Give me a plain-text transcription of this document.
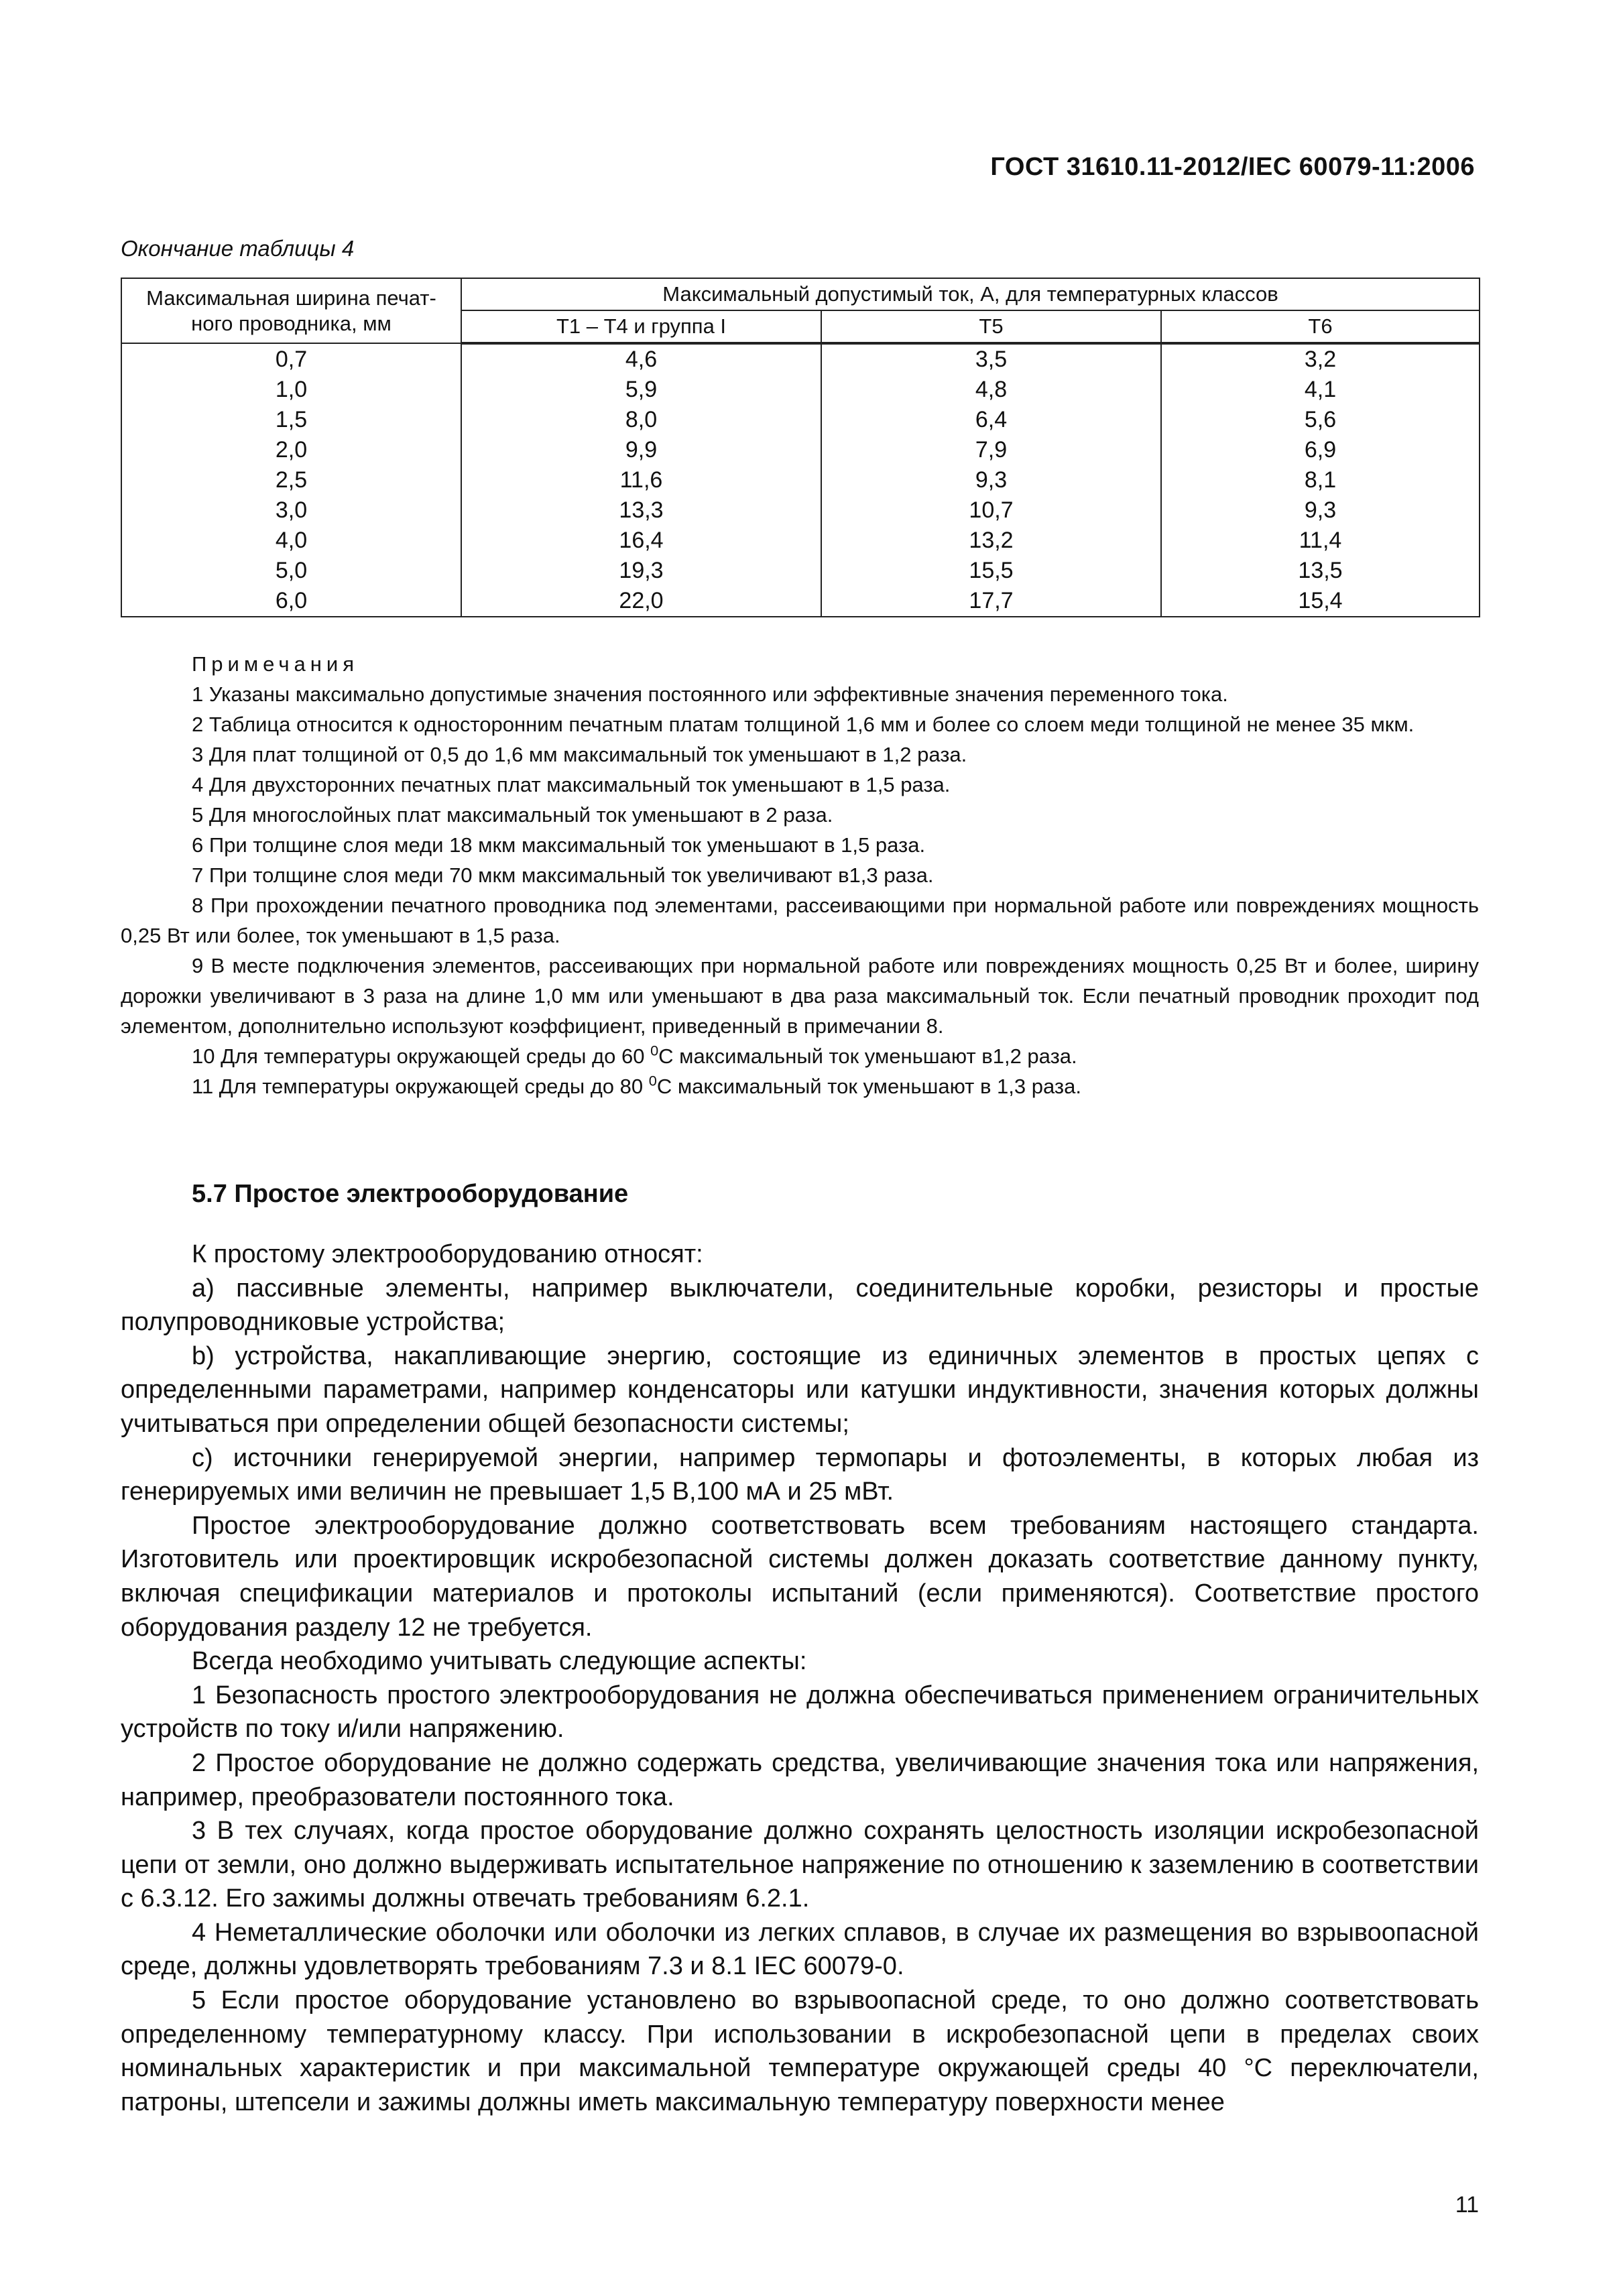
ГОСТ 31610.11-2012/IEC 60079-11:2006
Окончание таблицы 4
Максимальная ширина печат-ного проводника, мм	Максимальный допустимый ток, А, для температурных классов		
	Т1 – Т4 и группа I	Т5	Т6
0,7	4,6	3,5	3,2
1,0	5,9	4,8	4,1
1,5	8,0	6,4	5,6
2,0	9,9	7,9	6,9
2,5	11,6	9,3	8,1
3,0	13,3	10,7	9,3
4,0	16,4	13,2	11,4
5,0	19,3	15,5	13,5
6,0	22,0	17,7	15,4
Примечания

1 Указаны максимально допустимые значения постоянного или эффективные значения переменного тока.

2 Таблица относится к односторонним печатным платам толщиной 1,6 мм и более со слоем меди толщиной не менее 35 мкм.

3 Для плат толщиной от 0,5 до 1,6 мм максимальный ток уменьшают в 1,2 раза.

4 Для двухсторонних печатных плат максимальный ток уменьшают в 1,5 раза.

5 Для многослойных плат максимальный ток уменьшают в 2 раза.

6 При толщине слоя меди 18 мкм максимальный ток уменьшают в 1,5 раза.

7 При толщине слоя меди 70 мкм максимальный ток увеличивают в1,3 раза.

8 При прохождении печатного проводника под элементами, рассеивающими при нормальной работе или повреждениях мощность 0,25 Вт или более, ток уменьшают в 1,5 раза.

9 В месте подключения элементов, рассеивающих при нормальной работе или повреждениях мощность 0,25 Вт и более, ширину дорожки увеличивают в 3 раза на длине 1,0 мм или уменьшают в два раза максимальный ток. Если печатный проводник проходит под элементом, дополнительно используют коэффициент, приведенный в примечании 8.

10 Для температуры окружающей среды до 60 $^0$С максимальный ток уменьшают в1,2 раза.

11 Для температуры окружающей среды до 80 $^0$С максимальный ток уменьшают в 1,3 раза.

5.7 Простое электрооборудование

К простому электрооборудованию относят:

а) пассивные элементы, например выключатели, соединительные коробки, резисторы и простые полупроводниковые устройства;

b) устройства, накапливающие энергию, состоящие из единичных элементов в простых цепях с определенными параметрами, например конденсаторы или катушки индуктивности, значения которых должны учитываться при определении общей безопасности системы;

с) источники генерируемой энергии, например термопары и фотоэлементы, в которых любая из генерируемых ими величин не превышает 1,5 В,100 мА и 25 мВт.

Простое электрооборудование должно соответствовать всем требованиям настоящего стандарта. Изготовитель или проектировщик искробезопасной системы должен доказать соответствие данному пункту, включая спецификации материалов и протоколы испытаний (если применяются). Соответствие простого оборудования разделу 12 не требуется.

Всегда необходимо учитывать следующие аспекты:

1 Безопасность простого электрооборудования не должна обеспечиваться применением ограничительных устройств по току и/или напряжению.

2 Простое оборудование не должно содержать средства, увеличивающие значения тока или напряжения, например, преобразователи постоянного тока.

3 В тех случаях, когда простое оборудование должно сохранять целостность изоляции искробезопасной цепи от земли, оно должно выдерживать испытательное напряжение по отношению к заземлению в соответствии с 6.3.12. Его зажимы должны отвечать требованиям 6.2.1.

4 Неметаллические оболочки или оболочки из легких сплавов, в случае их размещения во взрывоопасной среде, должны удовлетворять требованиям 7.3 и 8.1 IEC 60079-0.

5 Если простое оборудование установлено во взрывоопасной среде, то оно должно соответствовать определенному температурному классу. При использовании в искробезопасной цепи в пределах своих номинальных характеристик и при максимальной температуре окружающей среды 40 °С переключатели, патроны, штепсели и зажимы должны иметь максимальную температуру поверхности менее

11
